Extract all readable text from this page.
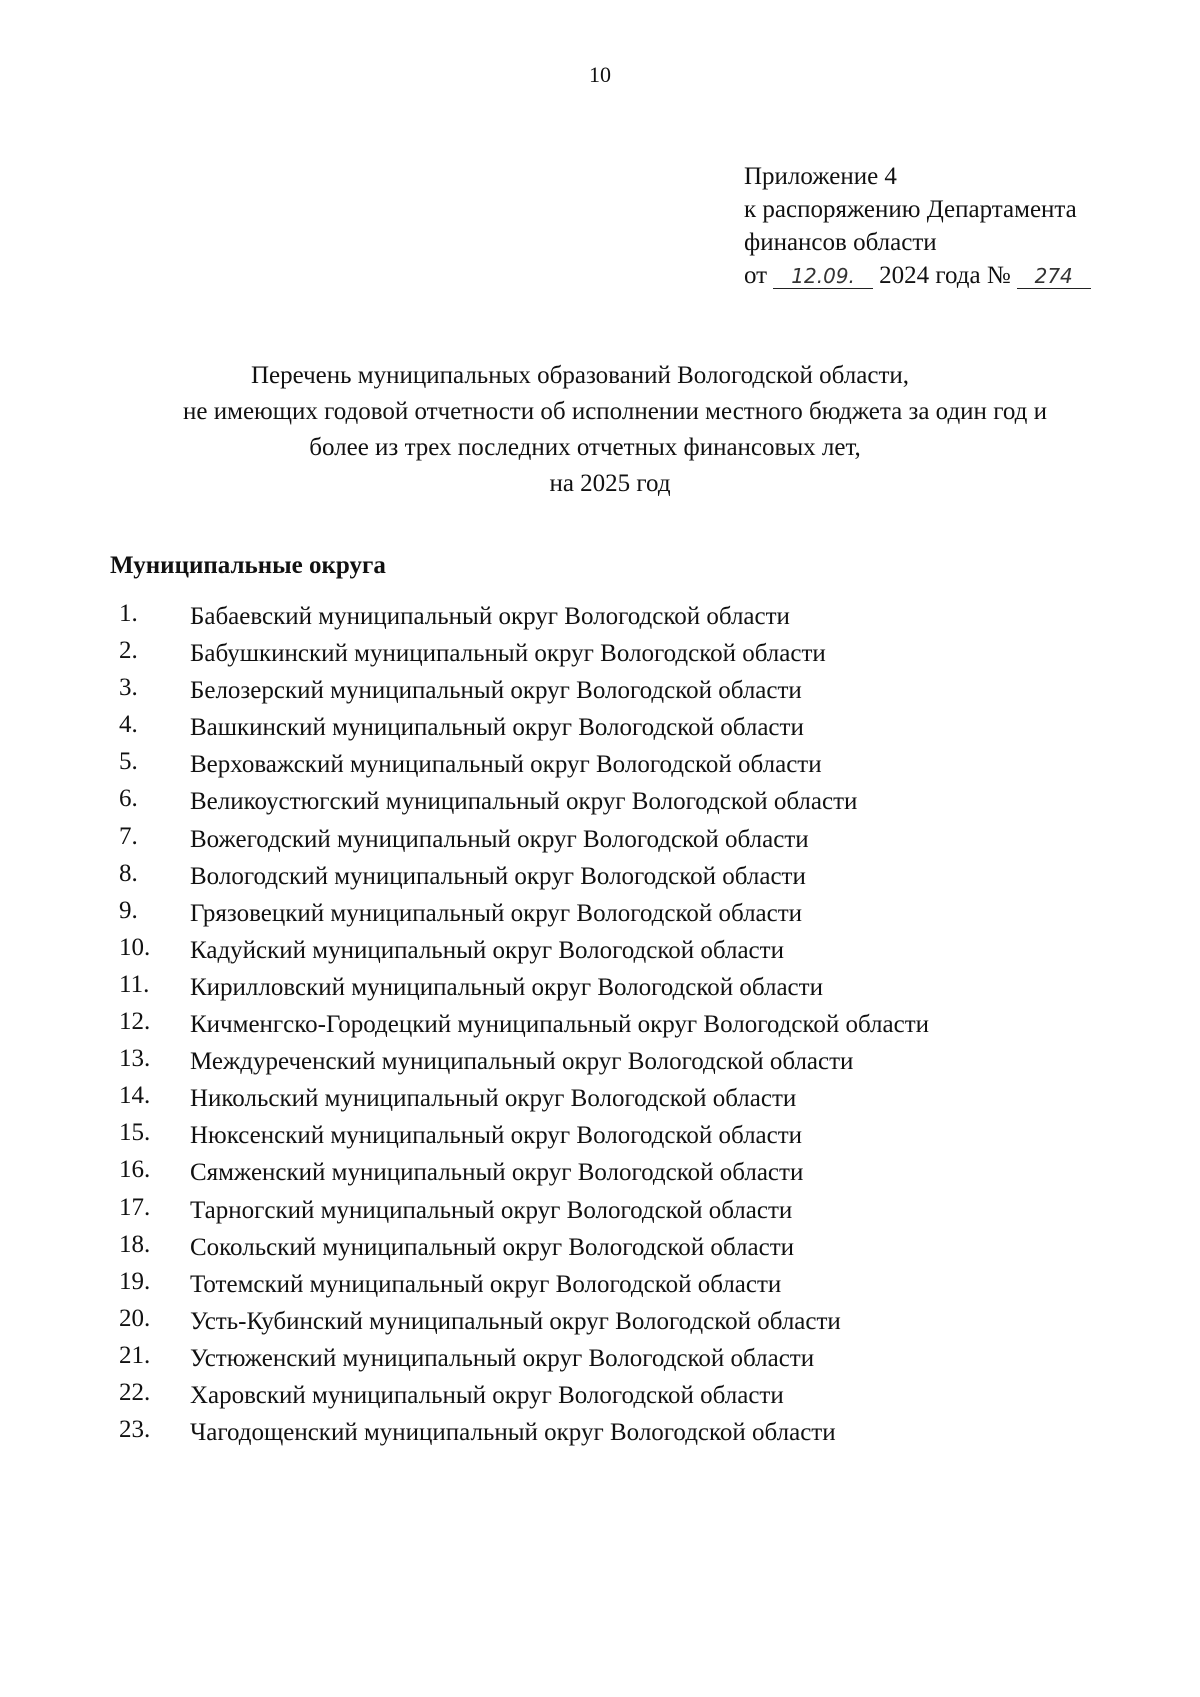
10
Приложение 4
к распоряжению Департамента
финансов области
от 12.09. 2024 года № 274
Перечень муниципальных образований Вологодской области,
не имеющих годовой отчетности об исполнении местного бюджета за один год и
более из трех последних отчетных финансовых лет,
на 2025 год
Муниципальные округа
1. Бабаевский муниципальный округ Вологодской области
2. Бабушкинский муниципальный округ Вологодской области
3. Белозерский муниципальный округ Вологодской области
4. Вашкинский муниципальный округ Вологодской области
5. Верховажский муниципальный округ Вологодской области
6. Великоустюгский муниципальный округ Вологодской области
7. Вожегодский муниципальный округ Вологодской области
8. Вологодский муниципальный округ Вологодской области
9. Грязовецкий муниципальный округ Вологодской области
10. Кадуйский муниципальный округ Вологодской области
11. Кирилловский муниципальный округ Вологодской области
12. Кичменгско-Городецкий муниципальный округ Вологодской области
13. Междуреченский муниципальный округ Вологодской области
14. Никольский муниципальный округ Вологодской области
15. Нюксенский муниципальный округ Вологодской области
16. Сямженский муниципальный округ Вологодской области
17. Тарногский муниципальный округ Вологодской области
18. Сокольский муниципальный округ Вологодской области
19. Тотемский муниципальный округ Вологодской области
20. Усть-Кубинский муниципальный округ Вологодской области
21. Устюженский муниципальный округ Вологодской области
22. Харовский муниципальный округ Вологодской области
23. Чагодощенский муниципальный округ Вологодской области
